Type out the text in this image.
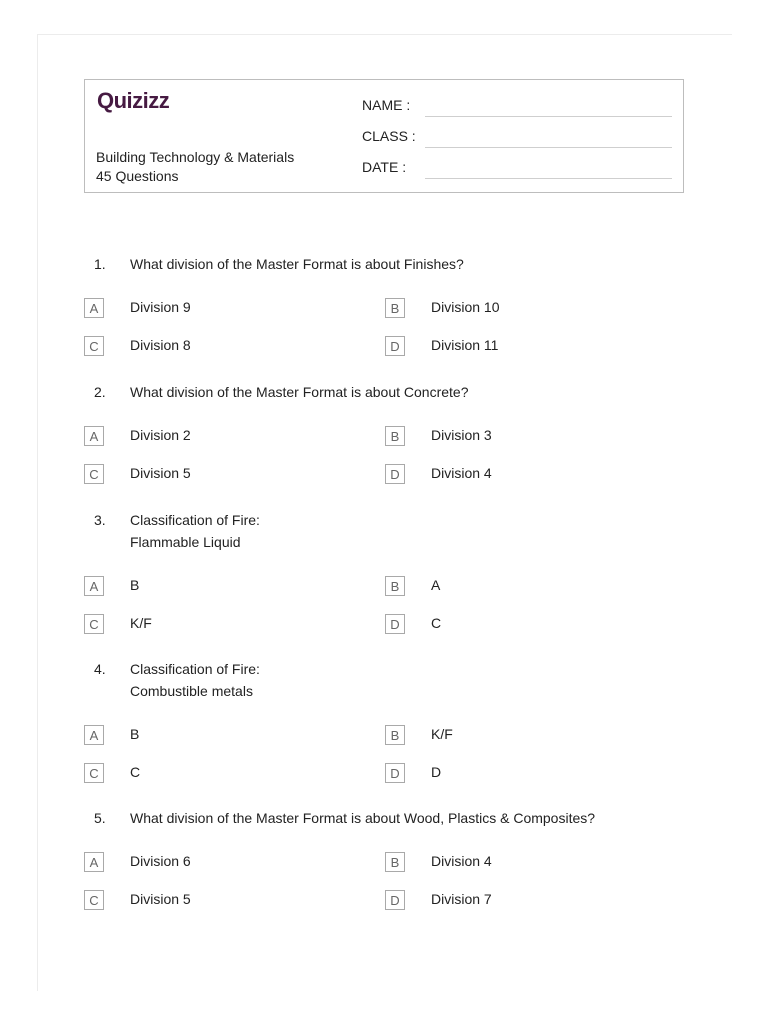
Quizizz
Building Technology & Materials
45 Questions
NAME :
CLASS :
DATE :
1. What division of the Master Format is about Finishes?
A	Division 9	B	Division 10
C	Division 8	D	Division 11
2. What division of the Master Format is about Concrete?
A	Division 2	B	Division 3
C	Division 5	D	Division 4
3. Classification of Fire:
Flammable Liquid
A	B	B	A
C	K/F	D	C
4. Classification of Fire:
Combustible metals
A	B	B	K/F
C	C	D	D
5. What division of the Master Format is about Wood, Plastics & Composites?
A	Division 6	B	Division 4
C	Division 5	D	Division 7
